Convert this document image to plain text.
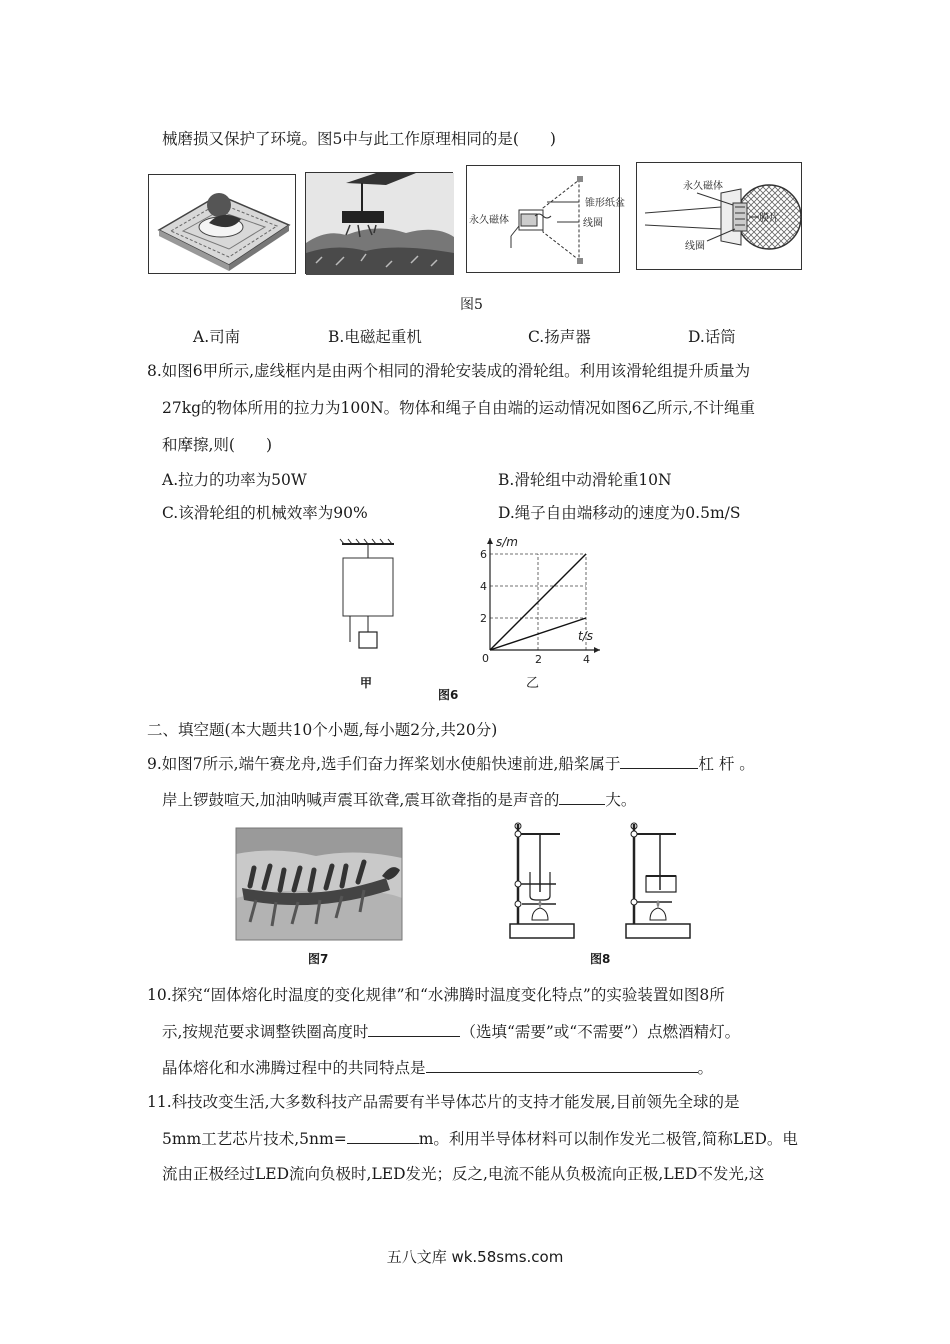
械磨损又保护了环境。图5中与此工作原理相同的是(　　)
锥形纸盆
线圈
永久磁体
永久磁体
膜片
线圈
图5
A.司南	B.电磁起重机	C.扬声器	D.话筒
8.如图6甲所示,虚线框内是由两个相同的滑轮安装成的滑轮组。利用该滑轮组提升质量为
27kg的物体所用的拉力为100N。物体和绳子自由端的运动情况如图6乙所示,不计绳重
和摩擦,则(　　)
A.拉力的功率为50W	B.滑轮组中动滑轮重10N
C.该滑轮组的机械效率为90%	D.绳子自由端移动的速度为0.5m/S
甲
2
4
6
2	4
s/m
t/s
0
图6
乙
二、填空题(本大题共10个小题,每小题2分,共20分)
9.如图7所示,端午赛龙舟,选手们奋力挥桨划水使船快速前进,船桨属于	杠 杆 。
岸上锣鼓喧天,加油呐喊声震耳欲聋,震耳欲聋指的是声音的	大。
图7	图8
10.探究“固体熔化时温度的变化规律”和“水沸腾时温度变化特点”的实验装置如图8所
示,按规范要求调整铁圈高度时	（选填“需要”或“不需要”）点燃酒精灯。
晶体熔化和水沸腾过程中的共同特点是	。
11.科技改变生活,大多数科技产品需要有半导体芯片的支持才能发展,目前领先全球的是
5mm工艺芯片技术,5nm=	m。利用半导体材料可以制作发光二极管,简称LED。电
流由正极经过LED流向负极时,LED发光；反之,电流不能从负极流向正极,LED不发光,这
五八文库 wk.58sms.com
